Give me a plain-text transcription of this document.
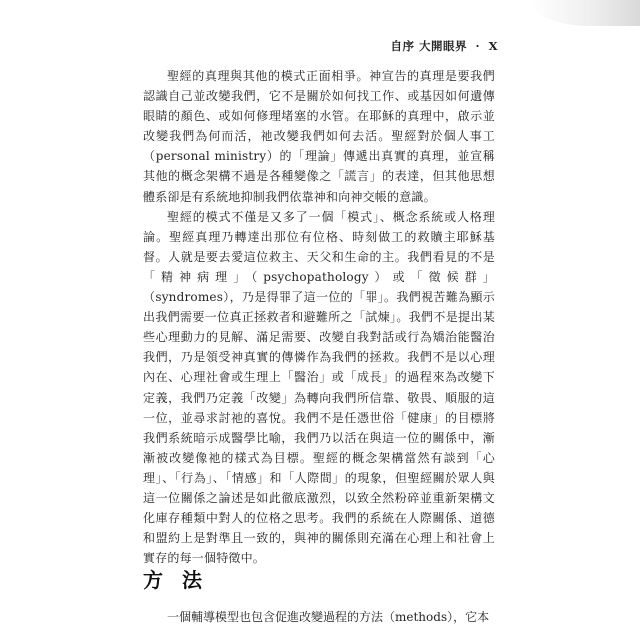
自序 大開眼界 · X

聖經的真理與其他的模式正面相爭。神宣告的真理是要我們認識自己並改變我們，它不是關於如何找工作、或基因如何遺傳眼睛的顏色、或如何修理堵塞的水管。在耶穌的真理中，啟示並改變我們為何而活，祂改變我們如何去活。聖經對於個人事工（personal ministry）的「理論」傳遞出真實的真理，並宣稱其他的概念架構不過是各種變像之「謊言」的表達，但其他思想體系卻是有系統地抑制我們依靠神和向神交帳的意識。

聖經的模式不僅是又多了一個「模式」、概念系統或人格理論。聖經真理乃轉達出那位有位格、時刻做工的救贖主耶穌基督。人就是要去愛這位救主、天父和生命的主。我們看見的不是「精神病理」（psychopathology）或「徵候群」（syndromes），乃是得罪了這一位的「罪」。我們視苦難為顯示出我們需要一位真正拯救者和避難所之「試煉」。我們不是提出某些心理動力的見解、滿足需要、改變自我對話或行為矯治能醫治我們，乃是領受神真實的傳憐作為我們的拯救。我們不是以心理內在、心理社會或生理上「醫治」或「成長」的過程來為改變下定義，我們乃定義「改變」為轉向我們所信靠、敬畏、順服的這一位，並尋求討祂的喜悅。我們不是任憑世俗「健康」的目標將我們系統暗示成醫學比喻，我們乃以活在與這一位的關係中，漸漸被改變像祂的樣式為目標。聖經的概念架構當然有談到「心理」、「行為」、「情感」和「人際間」的現象，但聖經關於眾人與這一位關係之論述是如此徹底激烈，以致全然粉碎並重新架構文化庫存種類中對人的位格之思考。我們的系統在人際關係、道德和盟約上是對準且一致的，與神的關係則充滿在心理上和社會上實存的每一個特徵中。

方 法
一個輔導模型也包含促進改變過程的方法（methods），它本
